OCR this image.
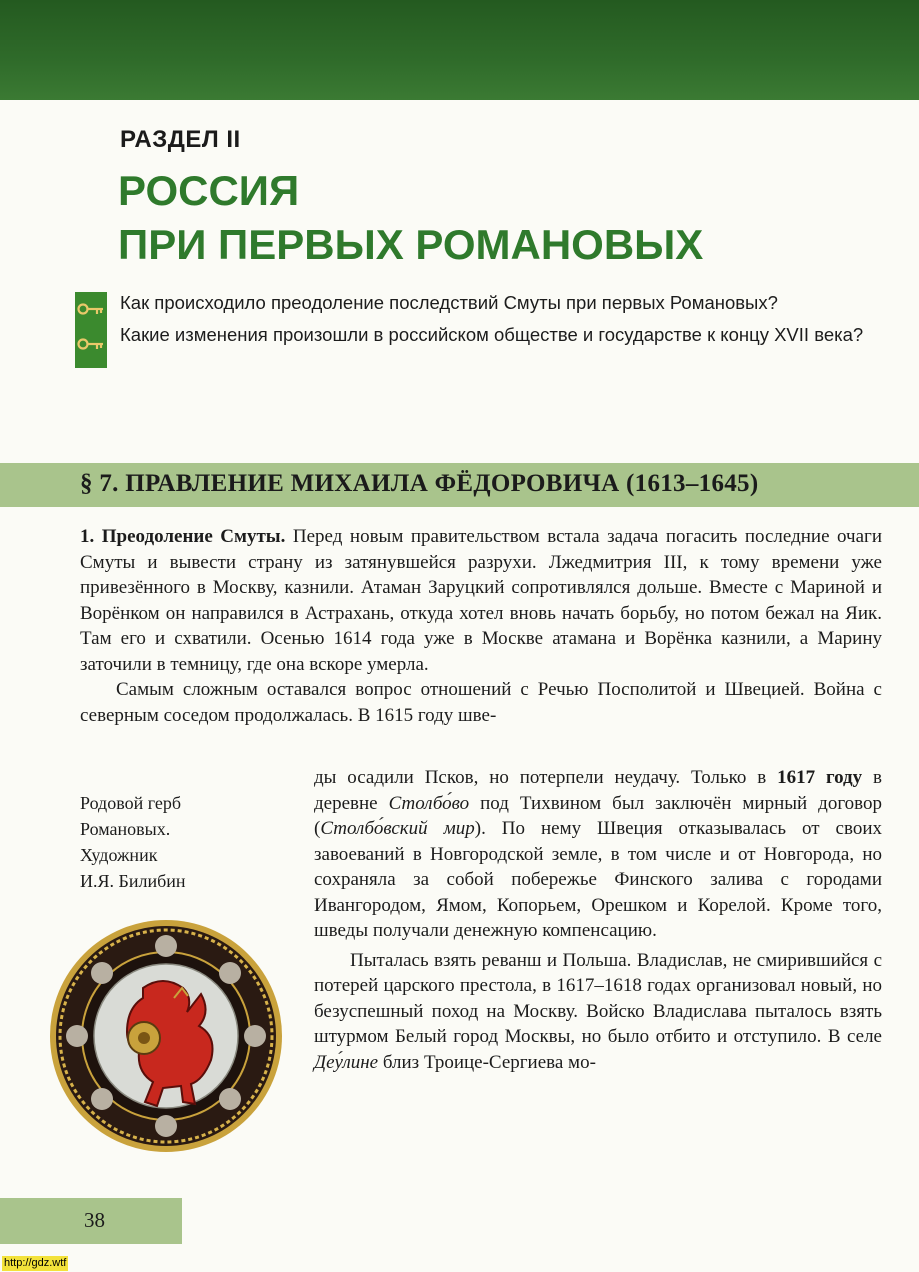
РАЗДЕЛ II
РОССИЯ
ПРИ ПЕРВЫХ РОМАНОВЫХ
Как происходило преодоление последствий Смуты при первых Романовых?
Какие изменения произошли в российском обществе и государстве к концу XVII века?
§ 7. ПРАВЛЕНИЕ МИХАИЛА ФЁДОРОВИЧА (1613–1645)

1. Преодоление Смуты. Перед новым правительством встала задача погасить последние очаги Смуты и вывести страну из затянувшейся разрухи. Лжедмитрия III, к тому времени уже привезённого в Москву, казнили. Атаман Заруцкий сопротивлялся дольше. Вместе с Мариной и Ворёнком он направился в Астрахань, откуда хотел вновь начать борьбу, но потом бежал на Яик. Там его и схватили. Осенью 1614 года уже в Москве атамана и Ворёнка казнили, а Марину заточили в темницу, где она вскоре умерла.

Самым сложным оставался вопрос отношений с Речью Посполитой и Швецией. Война с северным соседом продолжалась. В 1615 году шве-

ды осадили Псков, но потерпели неудачу. Только в 1617 году в деревне Столбо́во под Тихвином был заключён мирный договор (Столбо́вский мир). По нему Швеция отказывалась от своих завоеваний в Новгородской земле, в том числе и от Новгорода, но сохраняла за собой побережье Финского залива с городами Ивангородом, Ямом, Копорьем, Орешком и Корелой. Кроме того, шведы получали денежную компенсацию.

Пыталась взять реванш и Польша. Владислав, не смирившийся с потерей царского престола, в 1617–1618 годах организовал новый, но безуспешный поход на Москву. Войско Владислава пыталось взять штурмом Белый город Москвы, но было отбито и отступило. В селе Деу́лине близ Троице-Сергиева мо-

Родовой герб
Романовых.
Художник
И.Я. Билибин
38
http://gdz.wtf
